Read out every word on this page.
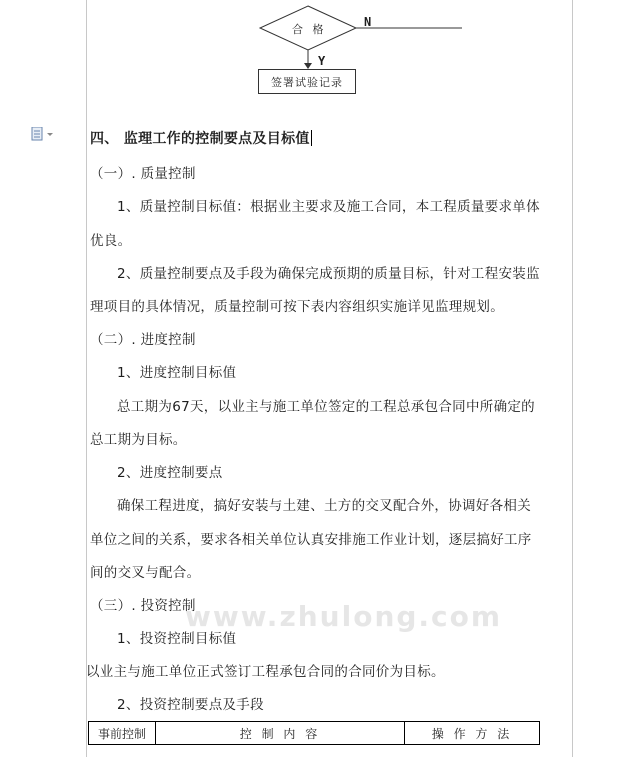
合 格
N
Y
签署试验记录
四、 监理工作的控制要点及目标值
（一）. 质量控制
1、质量控制目标值：根据业主要求及施工合同，本工程质量要求单体
优良。
2、质量控制要点及手段为确保完成预期的质量目标，针对工程安装监
理项目的具体情况，质量控制可按下表内容组织实施详见监理规划。
（二）. 进度控制
1、进度控制目标值
总工期为67天，以业主与施工单位签定的工程总承包合同中所确定的
总工期为目标。
2、进度控制要点
确保工程进度，搞好安装与土建、土方的交叉配合外，协调好各相关
单位之间的关系，要求各相关单位认真安排施工作业计划，逐层搞好工序
间的交叉与配合。
www.zhulong.com
（三）. 投资控制
1、投资控制目标值
以业主与施工单位正式签订工程承包合同的合同价为目标。
2、投资控制要点及手段
事前控制	控 制 内 容	操 作 方 法
